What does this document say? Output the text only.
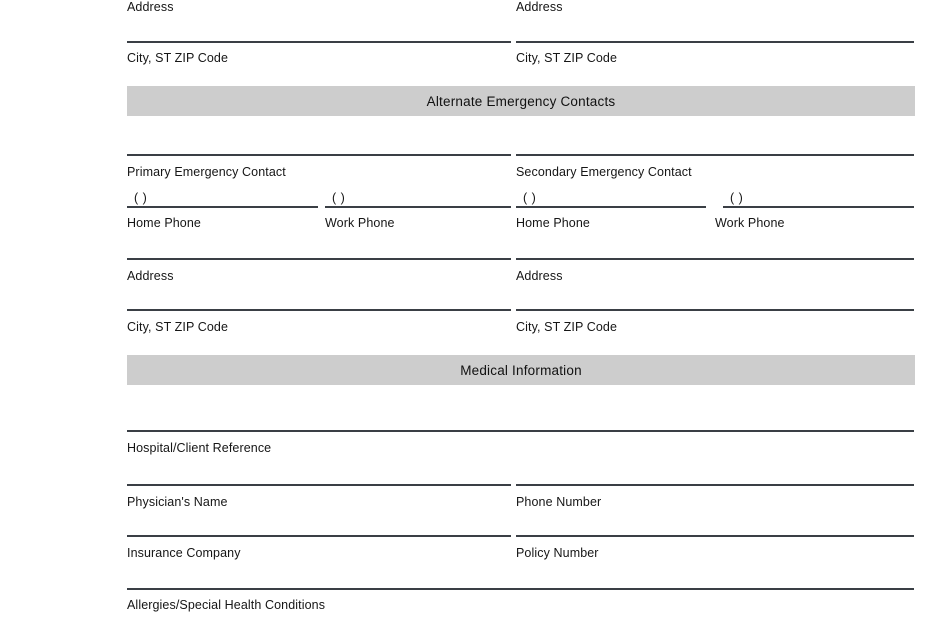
Address	Address
City, ST ZIP Code	City, ST ZIP Code
Alternate Emergency Contacts
Primary Emergency Contact	Secondary Emergency Contact
( )	( )	( )	( )
Home Phone	Work Phone	Home Phone	Work Phone
Address	Address
City, ST ZIP Code	City, ST ZIP Code
Medical Information
Hospital/Client Reference
Physician's Name	Phone Number
Insurance Company	Policy Number
Allergies/Special Health Conditions
